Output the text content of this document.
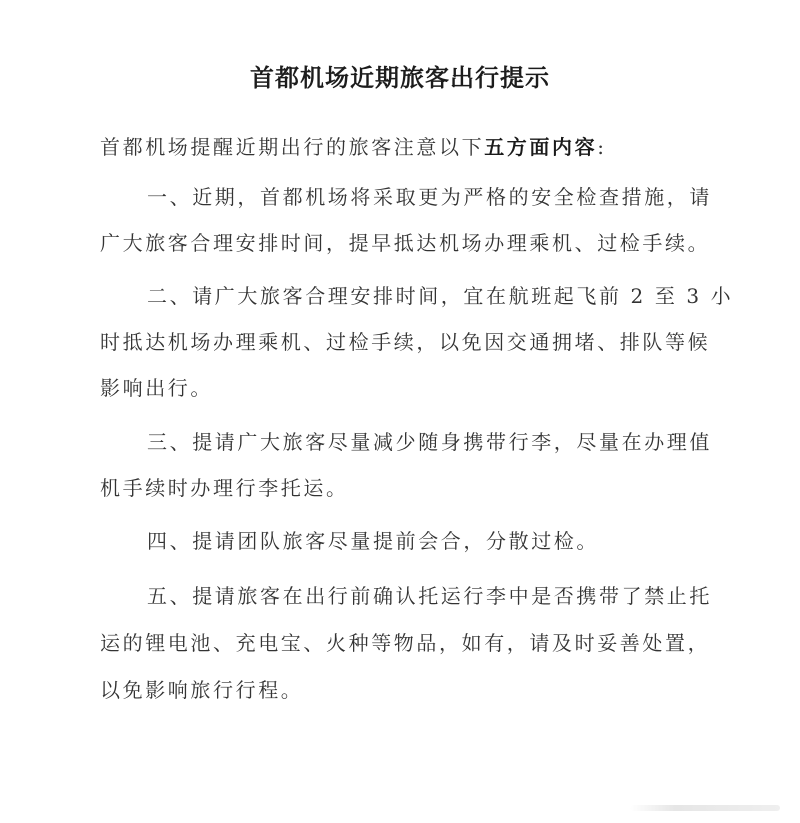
首都机场近期旅客出行提示
首都机场提醒近期出行的旅客注意以下五方面内容:
一、近期，首都机场将采取更为严格的安全检查措施，请
广大旅客合理安排时间，提早抵达机场办理乘机、过检手续。
二、请广大旅客合理安排时间，宜在航班起飞前 2 至 3 小
时抵达机场办理乘机、过检手续，以免因交通拥堵、排队等候
影响出行。
三、提请广大旅客尽量减少随身携带行李，尽量在办理值
机手续时办理行李托运。
四、提请团队旅客尽量提前会合，分散过检。
五、提请旅客在出行前确认托运行李中是否携带了禁止托
运的锂电池、充电宝、火种等物品，如有，请及时妥善处置，
以免影响旅行行程。
